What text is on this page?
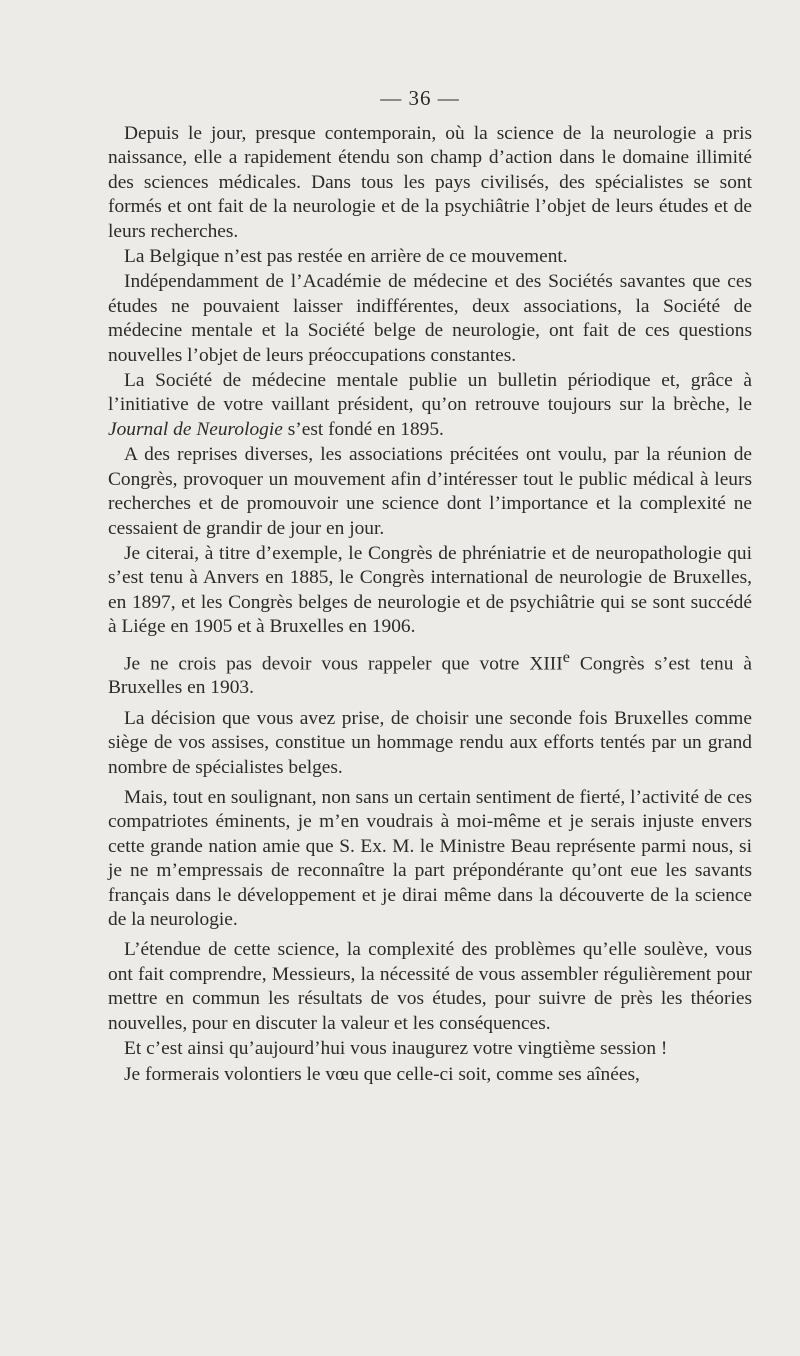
— 36 —

Depuis le jour, presque contemporain, où la science de la neurologie a pris naissance, elle a rapidement étendu son champ d’action dans le domaine illimité des sciences médicales. Dans tous les pays civilisés, des spécialistes se sont formés et ont fait de la neurologie et de la psychiâtrie l’objet de leurs études et de leurs recherches.

La Belgique n’est pas restée en arrière de ce mouvement.

Indépendamment de l’Académie de médecine et des Sociétés savantes que ces études ne pouvaient laisser indifférentes, deux associations, la Société de médecine mentale et la Société belge de neurologie, ont fait de ces questions nouvelles l’objet de leurs préoccupations constantes.

La Société de médecine mentale publie un bulletin périodique et, grâce à l’initiative de votre vaillant président, qu’on retrouve toujours sur la brèche, le Journal de Neurologie s’est fondé en 1895.

A des reprises diverses, les associations précitées ont voulu, par la réunion de Congrès, provoquer un mouvement afin d’intéresser tout le public médical à leurs recherches et de promouvoir une science dont l’importance et la complexité ne cessaient de grandir de jour en jour.

Je citerai, à titre d’exemple, le Congrès de phréniatrie et de neuropathologie qui s’est tenu à Anvers en 1885, le Congrès international de neurologie de Bruxelles, en 1897, et les Congrès belges de neurologie et de psychiâtrie qui se sont succédé à Liége en 1905 et à Bruxelles en 1906.

Je ne crois pas devoir vous rappeler que votre XIIIe Congrès s’est tenu à Bruxelles en 1903.

La décision que vous avez prise, de choisir une seconde fois Bruxelles comme siège de vos assises, constitue un hommage rendu aux efforts tentés par un grand nombre de spécialistes belges.

Mais, tout en soulignant, non sans un certain sentiment de fierté, l’activité de ces compatriotes éminents, je m’en voudrais à moi-même et je serais injuste envers cette grande nation amie que S. Ex. M. le Ministre Beau représente parmi nous, si je ne m’empressais de reconnaître la part prépondérante qu’ont eue les savants français dans le développement et je dirai même dans la découverte de la science de la neurologie.

L’étendue de cette science, la complexité des problèmes qu’elle soulève, vous ont fait comprendre, Messieurs, la nécessité de vous assembler régulièrement pour mettre en commun les résultats de vos études, pour suivre de près les théories nouvelles, pour en discuter la valeur et les conséquences.

Et c’est ainsi qu’aujourd’hui vous inaugurez votre vingtième session !

Je formerais volontiers le vœu que celle-ci soit, comme ses aînées,
